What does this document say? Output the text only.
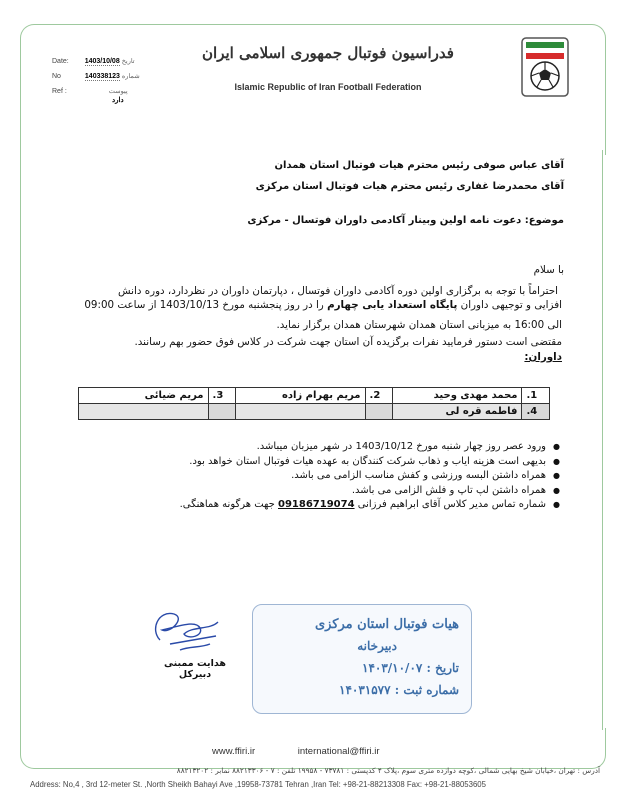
Date: 1403/10/08 تاریخ
No	140338123 شماره
Ref :	پیوست
دارد
فدراسیون فوتبال جمهوری اسلامی ایران
Islamic Republic of Iran Football Federation
آقای عباس صوفی رئیس محترم هیات فوتبال استان همدان
آقای محمدرضا غفاری رئیس محترم هیات فوتبال استان مرکزی
موضوع: دعوت نامه اولین وبینار آکادمی داوران فوتسال - مرکزی
با سلام
احتراماً با توجه به برگزاری اولین دوره آکادمی داوران فوتسال ، دپارتمان داوران در نظردارد، دوره دانش
افزایی و توجیهی داوران پایگاه استعداد یابی چهارم را در روز پنجشنبه مورخ 1403/10/13 از ساعت 09:00
الی 16:00 به میزبانی استان همدان شهرستان همدان برگزار نماید.
مقتضی است دستور فرمایید نفرات برگزیده آن استان جهت شرکت در کلاس فوق حضور بهم رسانند.
داوران:
1.	محمد مهدی وحید	2.	مریم بهرام زاده	3.	مریم ضیائی
4.	فاطمه قره لی				
● ورود عصر روز چهار شنبه مورخ 1403/10/12 در شهر میزبان میباشد.
● بدیهی است هزینه ایاب و ذهاب شرکت کنندگان به عهده هیات فوتبال استان خواهد بود.
● همراه داشتن البسه ورزشی و کفش مناسب الزامی می باشد.
● همراه داشتن لپ تاپ و فلش الزامی می باشد.
● شماره تماس مدیر کلاس آقای ابراهیم فرزانی 09186719074 جهت هرگونه هماهنگی.
هدایت ممبنی
دبیرکل
هیات فوتبال استان مرکزی
دبیرخانه
تاریخ : ۱۴۰۳/۱۰/۰۷
شماره ثبت : ۱۴۰۳۱۵۷۷
www.ffiri.ir	international@ffiri.ir
آدرس : تهران ،خیابان شیخ بهایی شمالی ،کوچه دوازده متری سوم ،پلاک ۴ کدپستی : ۷۳۷۸۱ - ۱۹۹۵۸ تلفن : ۷ - ۸۸۲۱۳۳۰۶ نمابر : ۸۸۲۱۳۲۰۲
Address: No,4 , 3rd 12-meter St. ,North Sheikh Bahayi Ave ,19958-73781 Tehran ,Iran Tel: +98-21-88213308 Fax: +98-21-88053605
